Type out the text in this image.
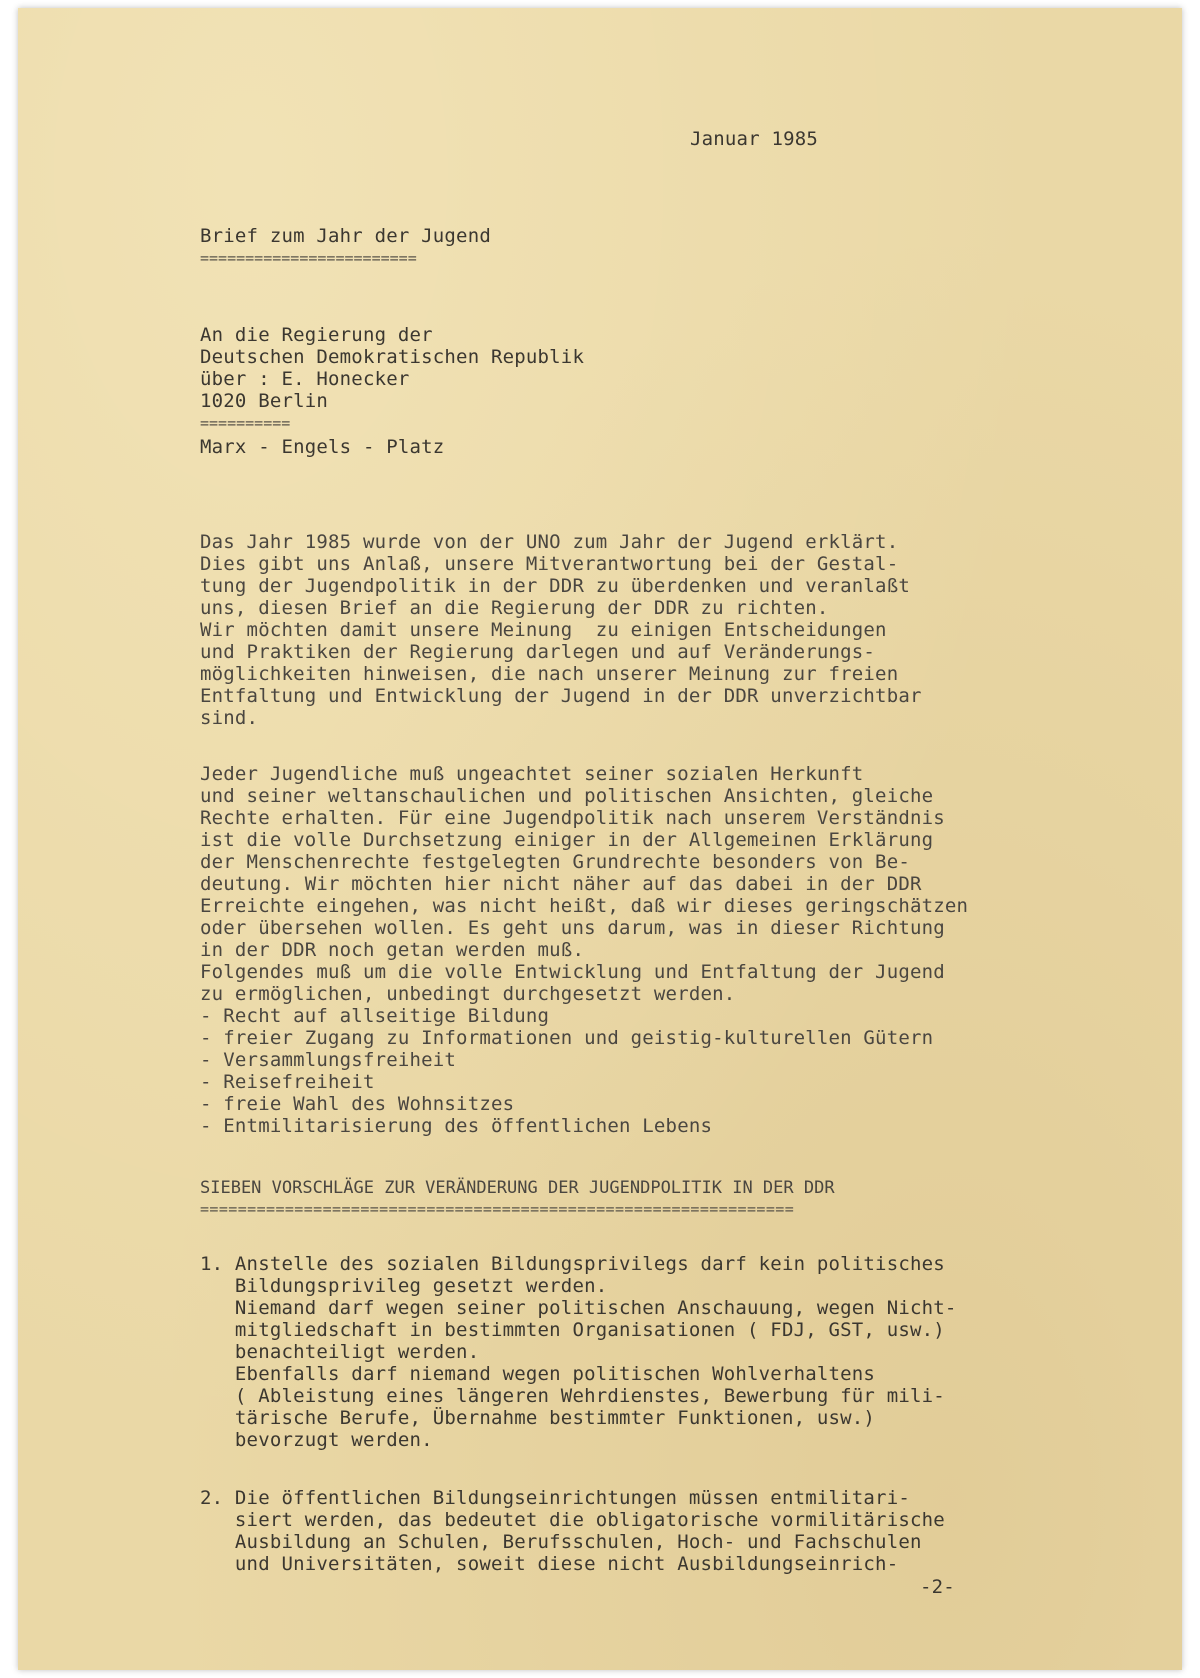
Januar 1985
Brief zum Jahr der Jugend
========================
An die Regierung der
Deutschen Demokratischen Republik
über : E. Honecker
1020 Berlin
==========
Marx - Engels - Platz
Das Jahr 1985 wurde von der UNO zum Jahr der Jugend erklärt.
Dies gibt uns Anlaß, unsere Mitverantwortung bei der Gestal-
tung der Jugendpolitik in der DDR zu überdenken und veranlaßt
uns, diesen Brief an die Regierung der DDR zu richten.
Wir möchten damit unsere Meinung  zu einigen Entscheidungen
und Praktiken der Regierung darlegen und auf Veränderungs-
möglichkeiten hinweisen, die nach unserer Meinung zur freien
Entfaltung und Entwicklung der Jugend in der DDR unverzichtbar
sind.
Jeder Jugendliche muß ungeachtet seiner sozialen Herkunft
und seiner weltanschaulichen und politischen Ansichten, gleiche
Rechte erhalten. Für eine Jugendpolitik nach unserem Verständnis
ist die volle Durchsetzung einiger in der Allgemeinen Erklärung
der Menschenrechte festgelegten Grundrechte besonders von Be-
deutung. Wir möchten hier nicht näher auf das dabei in der DDR
Erreichte eingehen, was nicht heißt, daß wir dieses geringschätzen
oder übersehen wollen. Es geht uns darum, was in dieser Richtung
in der DDR noch getan werden muß.
Folgendes muß um die volle Entwicklung und Entfaltung der Jugend
zu ermöglichen, unbedingt durchgesetzt werden.
- Recht auf allseitige Bildung
- freier Zugang zu Informationen und geistig-kulturellen Gütern
- Versammlungsfreiheit
- Reisefreiheit
- freie Wahl des Wohnsitzes
- Entmilitarisierung des öffentlichen Lebens
SIEBEN VORSCHLÄGE ZUR VERÄNDERUNG DER JUGENDPOLITIK IN DER DDR
===============================================================
1. Anstelle des sozialen Bildungsprivilegs darf kein politisches
Bildungsprivileg gesetzt werden.
Niemand darf wegen seiner politischen Anschauung, wegen Nicht-
mitgliedschaft in bestimmten Organisationen ( FDJ, GST, usw.)
benachteiligt werden.
Ebenfalls darf niemand wegen politischen Wohlverhaltens
( Ableistung eines längeren Wehrdienstes, Bewerbung für mili-
tärische Berufe, Übernahme bestimmter Funktionen, usw.)
bevorzugt werden.
2. Die öffentlichen Bildungseinrichtungen müssen entmilitari-
siert werden, das bedeutet die obligatorische vormilitärische
Ausbildung an Schulen, Berufsschulen, Hoch- und Fachschulen
und Universitäten, soweit diese nicht Ausbildungseinrich-
-2-
